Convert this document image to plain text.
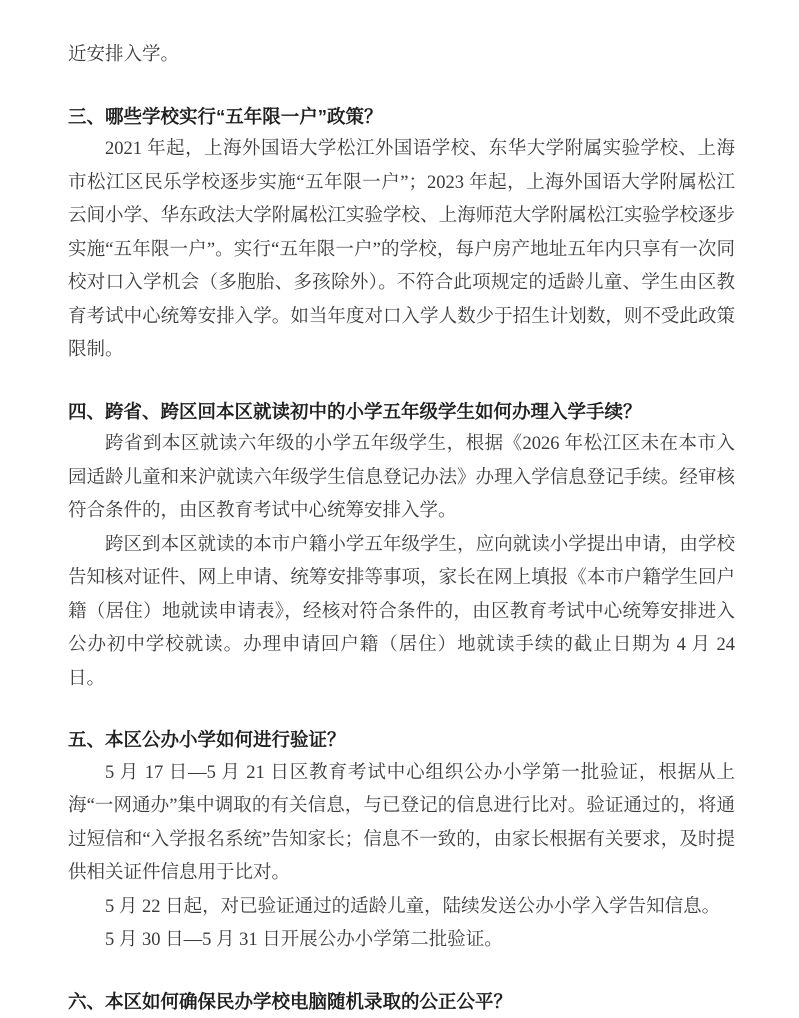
近安排入学。

三、哪些学校实行“五年限一户”政策？

2021 年起，上海外国语大学松江外国语学校、东华大学附属实验学校、上海市松江区民乐学校逐步实施“五年限一户”；2023 年起，上海外国语大学附属松江云间小学、华东政法大学附属松江实验学校、上海师范大学附属松江实验学校逐步实施“五年限一户”。实行“五年限一户”的学校，每户房产地址五年内只享有一次同校对口入学机会（多胞胎、多孩除外）。不符合此项规定的适龄儿童、学生由区教育考试中心统筹安排入学。如当年度对口入学人数少于招生计划数，则不受此政策限制。

四、跨省、跨区回本区就读初中的小学五年级学生如何办理入学手续？

跨省到本区就读六年级的小学五年级学生，根据《2026 年松江区未在本市入园适龄儿童和来沪就读六年级学生信息登记办法》办理入学信息登记手续。经审核符合条件的，由区教育考试中心统筹安排入学。

跨区到本区就读的本市户籍小学五年级学生，应向就读小学提出申请，由学校告知核对证件、网上申请、统筹安排等事项，家长在网上填报《本市户籍学生回户籍（居住）地就读申请表》，经核对符合条件的，由区教育考试中心统筹安排进入公办初中学校就读。办理申请回户籍（居住）地就读手续的截止日期为 4 月 24 日。

五、本区公办小学如何进行验证？

5 月 17 日—5 月 21 日区教育考试中心组织公办小学第一批验证，根据从上海“一网通办”集中调取的有关信息，与已登记的信息进行比对。验证通过的，将通过短信和“入学报名系统”告知家长；信息不一致的，由家长根据有关要求，及时提供相关证件信息用于比对。

5 月 22 日起，对已验证通过的适龄儿童，陆续发送公办小学入学告知信息。

5 月 30 日—5 月 31 日开展公办小学第二批验证。

六、本区如何确保民办学校电脑随机录取的公正公平？
